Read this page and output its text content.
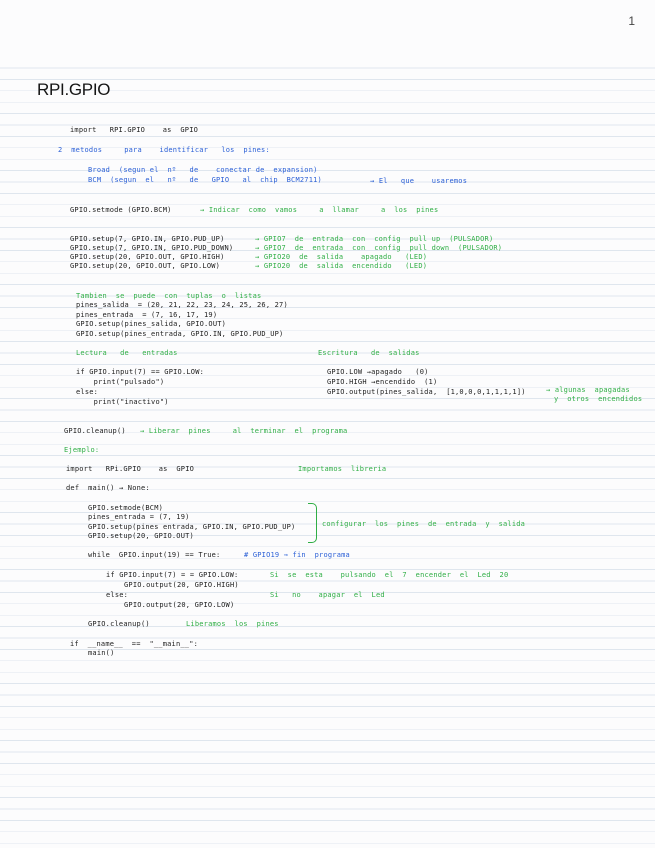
1
RPI.GPIO
import   RPI.GPIO    as  GPIO
2  metodos     para    identificar   los  pines:
Broad  (segun el  nº   de    conectar de  expansion)
BCM  (segun  el   nº   de   GPIO   al  chip  BCM2711)	→ El   que    usaremos
GPIO.setmode (GPIO.BCM)	→ Indicar  como  vamos     a  llamar     a  los  pines
GPIO.setup(7, GPIO.IN, GPIO.PUD_UP)	→ GPIO7  de  entrada  con  config  pull up  (PULSADOR)
GPIO.setup(7, GPIO.IN, GPIO.PUD_DOWN)	→ GPIO7  de  entrada  con  config  pull down  (PULSADOR)
GPIO.setup(20, GPIO.OUT, GPIO.HIGH)	→ GPIO20  de  salida    apagado   (LED)
GPIO.setup(20, GPIO.OUT, GPIO.LOW)	→ GPIO20  de  salida  encendido   (LED)
Tambien  se  puede  con  tuplas  o  listas
pines_salida  = (20, 21, 22, 23, 24, 25, 26, 27)
pines_entrada  = (7, 16, 17, 19)
GPIO.setup(pines_salida, GPIO.OUT)
GPIO.setup(pines_entrada, GPIO.IN, GPIO.PUD_UP)
Lectura   de   entradas	Escritura   de  salidas
if GPIO.input(7) == GPIO.LOW:
print("pulsado")
else:
print("inactivo")
GPIO.LOW →apagado   (0)
GPIO.HIGH →encendido  (1)
GPIO.output(pines_salida,  [1,0,0,0,1,1,1,1])	→ algunas  apagadas
y  otros  encendidos
GPIO.cleanup() → Liberar  pines     al  terminar  el  programa
Ejemplo:
import   RPi.GPIO    as  GPIO	Importamos  libreria
def  main() → None:
GPIO.setmode(BCM)
pines_entrada = (7, 19)
GPIO.setup(pines entrada, GPIO.IN, GPIO.PUD_UP)
GPIO.setup(20, GPIO.OUT)
configurar  los  pines  de  entrada  y  salida
while  GPIO.input(19) == True:	# GPIO19 ⇒ fin  programa
if GPIO.input(7) = = GPIO.LOW:	Si  se  esta    pulsando  el  7  encender  el  Led  20
GPIO.output(20, GPIO.HIGH)
else:	Si   no    apagar  el  Led
GPIO.output(20, GPIO.LOW)
GPIO.cleanup()	Liberamos  los  pines
if  __name__  ==  "__main__":
main()
